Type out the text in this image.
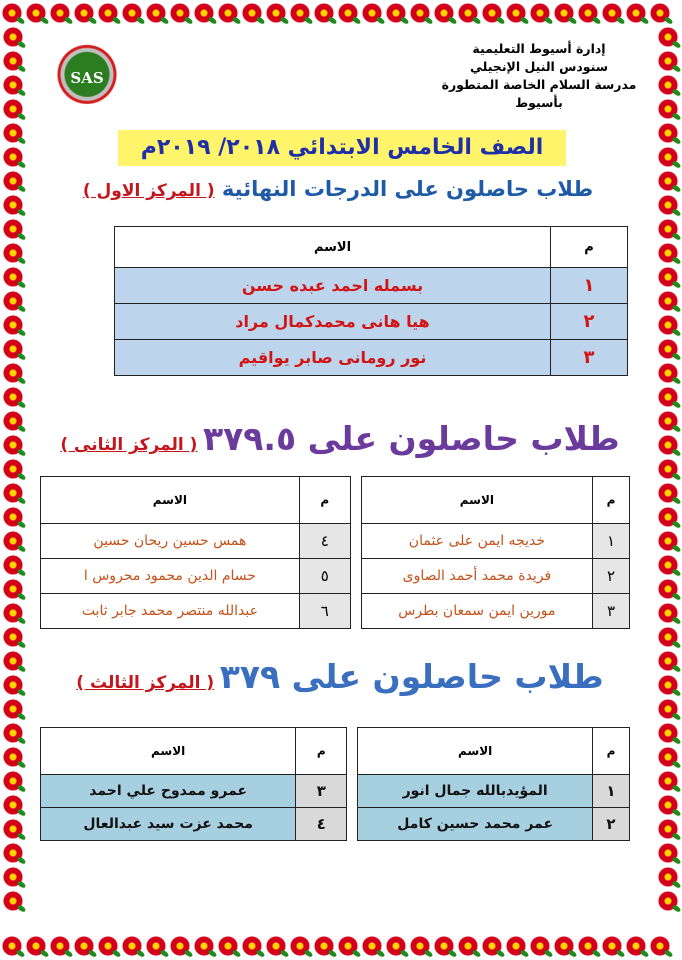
SAS
إدارة أسيوط التعليمية
سنودس النيل الإنجيلي
مدرسة السلام الخاصة المتطورة بأسيوط
الصف الخامس الابتدائي ٢٠١٨/ ٢٠١٩م
طلاب حاصلون على الدرجات النهائية ( المركز الاول )
م	الاسم
١	بسمله احمد عبده حسن
٢	هيا هانى محمدكمال مراد
٣	نور رومانى صابر يواقيم
طلاب حاصلون على ٣٧٩.٥ ( المركز الثانى )
م	الاسم		م	الاسم
١	خديجه ايمن على عثمان		٤	همس حسين ريحان حسين
٢	فريدة محمد أحمد الصاوى		٥	حسام الدين محمود محروس ا
٣	مورين ايمن سمعان بطرس		٦	عبدالله منتصر محمد جابر ثابت
طلاب حاصلون على ٣٧٩ ( المركز الثالث )
م	الاسم		م	الاسم
١	المؤيدبالله جمال انور		٣	عمرو ممدوح علي احمد
٢	عمر محمد حسين كامل		٤	محمد عزت سيد عبدالعال
